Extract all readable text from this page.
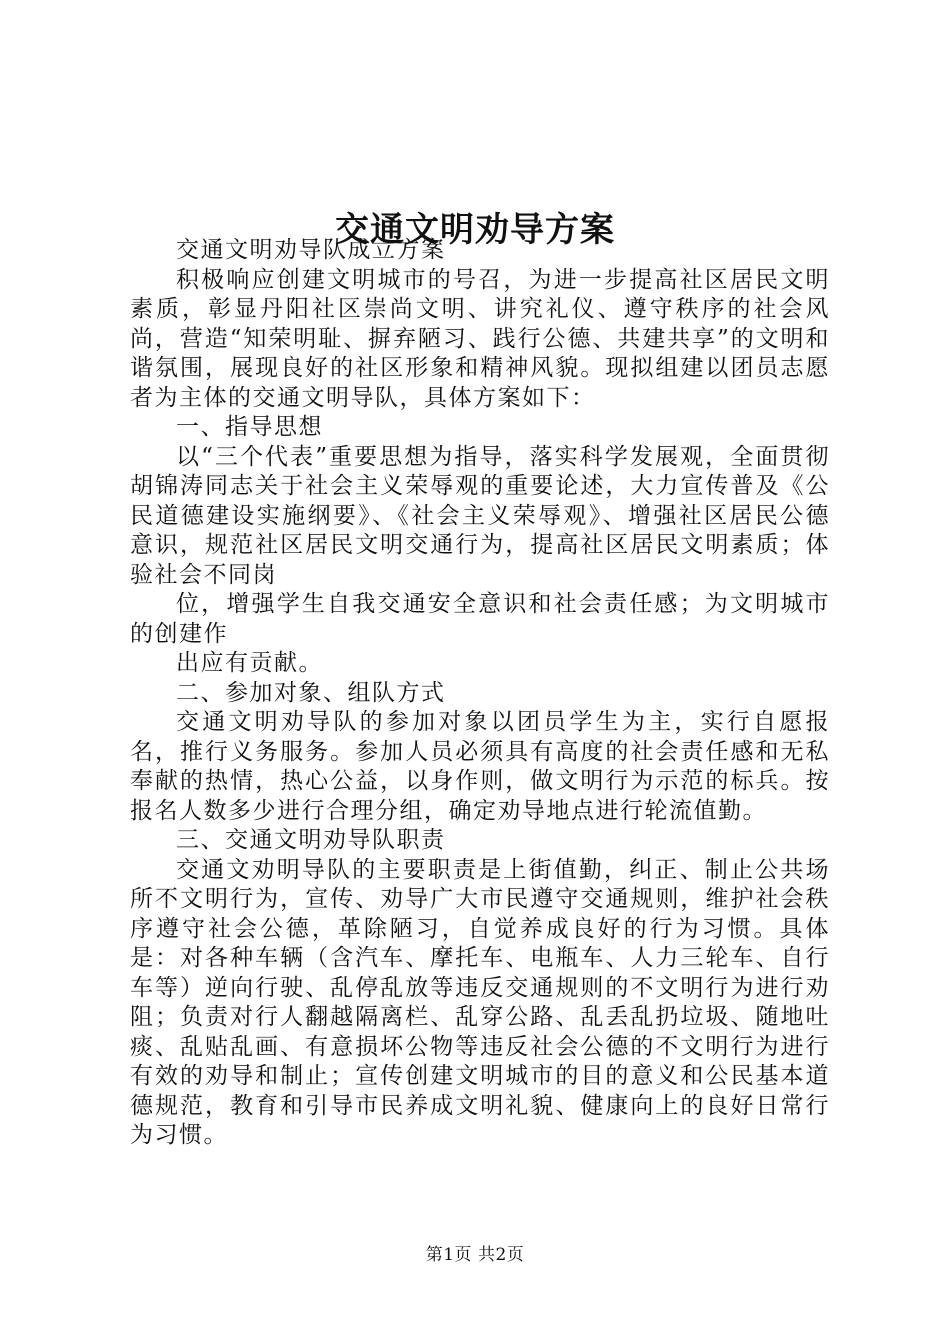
交通文明劝导方案

交通文明劝导队成立方案

积极响应创建文明城市的号召，为进一步提高社区居民文明素质，彰显丹阳社区崇尚文明、讲究礼仪、遵守秩序的社会风尚，营造“知荣明耻、摒弃陋习、践行公德、共建共享”的文明和谐氛围，展现良好的社区形象和精神风貌。现拟组建以团员志愿者为主体的交通文明导队，具体方案如下：

一、指导思想

以“三个代表”重要思想为指导，落实科学发展观，全面贯彻胡锦涛同志关于社会主义荣辱观的重要论述，大力宣传普及《公民道德建设实施纲要》、《社会主义荣辱观》、增强社区居民公德意识，规范社区居民文明交通行为，提高社区居民文明素质；体验社会不同岗

位，增强学生自我交通安全意识和社会责任感；为文明城市的创建作

出应有贡献。

二、参加对象、组队方式

交通文明劝导队的参加对象以团员学生为主，实行自愿报名，推行义务服务。参加人员必须具有高度的社会责任感和无私奉献的热情，热心公益，以身作则，做文明行为示范的标兵。按报名人数多少进行合理分组，确定劝导地点进行轮流值勤。

三、交通文明劝导队职责

交通文劝明导队的主要职责是上街值勤，纠正、制止公共场所不文明行为，宣传、劝导广大市民遵守交通规则，维护社会秩序遵守社会公德，革除陋习，自觉养成良好的行为习惯。具体是：对各种车辆（含汽车、摩托车、电瓶车、人力三轮车、自行车等）逆向行驶、乱停乱放等违反交通规则的不文明行为进行劝阻；负责对行人翻越隔离栏、乱穿公路、乱丢乱扔垃圾、随地吐痰、乱贴乱画、有意损坏公物等违反社会公德的不文明行为进行有效的劝导和制止；宣传创建文明城市的目的意义和公民基本道德规范，教育和引导市民养成文明礼貌、健康向上的良好日常行为习惯。

第1页 共2页
